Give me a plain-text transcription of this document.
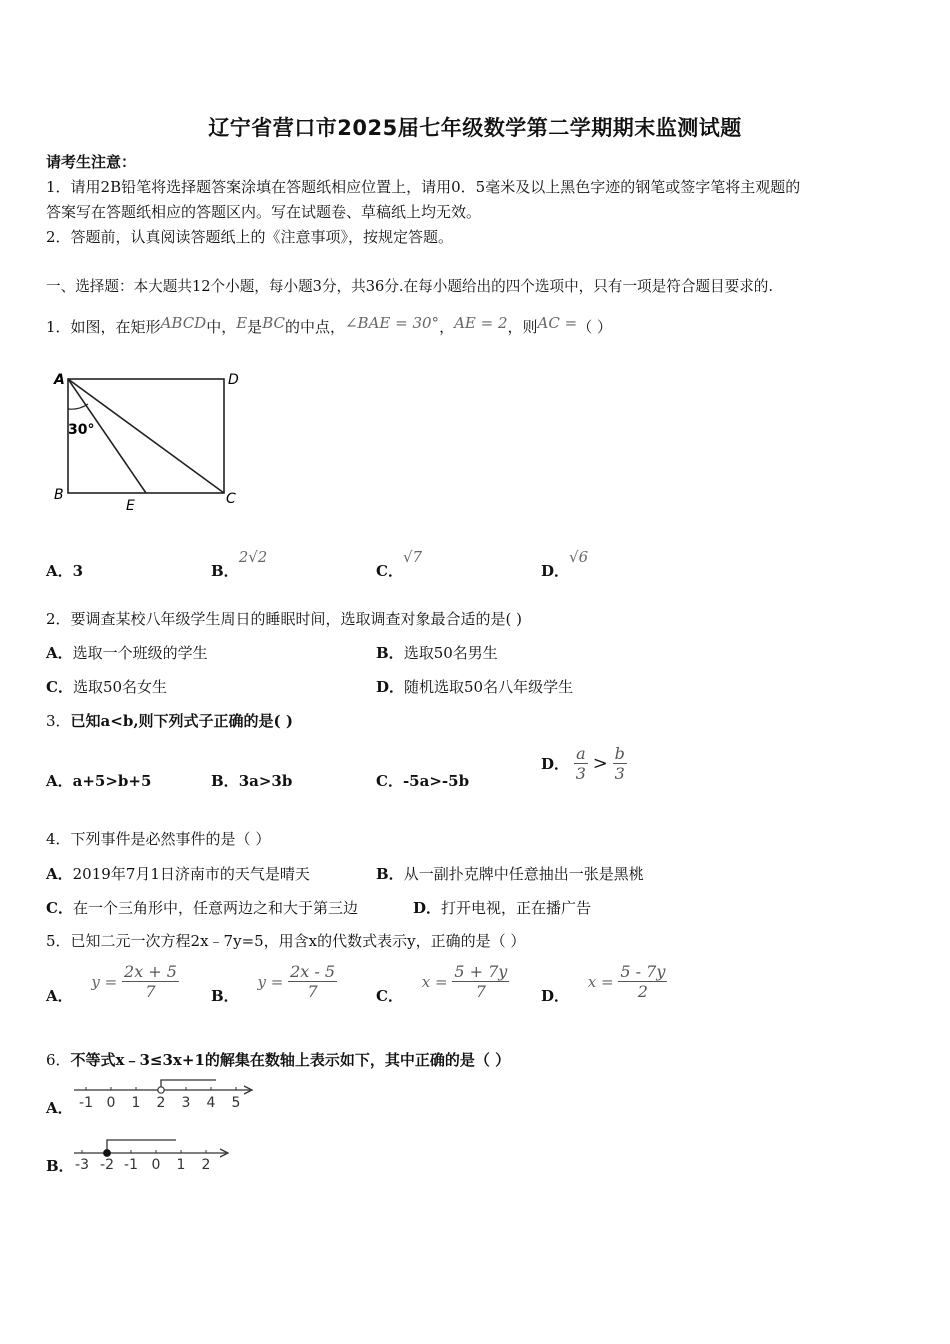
辽宁省营口市2025届七年级数学第二学期期末监测试题
请考生注意：
1．请用2B铅笔将选择题答案涂填在答题纸相应位置上，请用0．5毫米及以上黑色字迹的钢笔或签字笔将主观题的
答案写在答题纸相应的答题区内。写在试题卷、草稿纸上均无效。
2．答题前，认真阅读答题纸上的《注意事项》，按规定答题。
一、选择题：本大题共12个小题，每小题3分，共36分.在每小题给出的四个选项中，只有一项是符合题目要求的.
1．如图，在矩形ABCD中，E是BC的中点，∠BAE = 30°，AE = 2，则AC =（ ）
A	D
B	C
E
30°
A．3	B．2√2
C．√7
D．√6
2．要调查某校八年级学生周日的睡眠时间，选取调查对象最合适的是( )
A．选取一个班级的学生	B．选取50名男生
C．选取50名女生	D．随机选取50名八年级学生
3．已知a<b,则下列式子正确的是( )
A．a+5>b+5	B．3a>3b	C．-5a>-5b
D． $\frac{a}{3} > \frac{b}{3}$
4．下列事件是必然事件的是（ ）
A．2019年7月1日济南市的天气是晴天	B．从一副扑克牌中任意抽出一张是黑桃
C．在一个三角形中，任意两边之和大于第三边	D．打开电视，正在播广告
5．已知二元一次方程2x﹣7y=5，用含x的代数式表示y，正确的是（ ）
A． $y = \frac{2x + 5}{7}$ B． $y = \frac{2x - 5}{7}$	C． $x = \frac{5 + 7y}{7}$ D． $x = \frac{5 - 7y}{2}$
6．不等式x﹣3≤3x+1的解集在数轴上表示如下，其中正确的是（ ）
A． -1 0 1 2 3 4 5
B． -3 -2 -1 0 1 2
